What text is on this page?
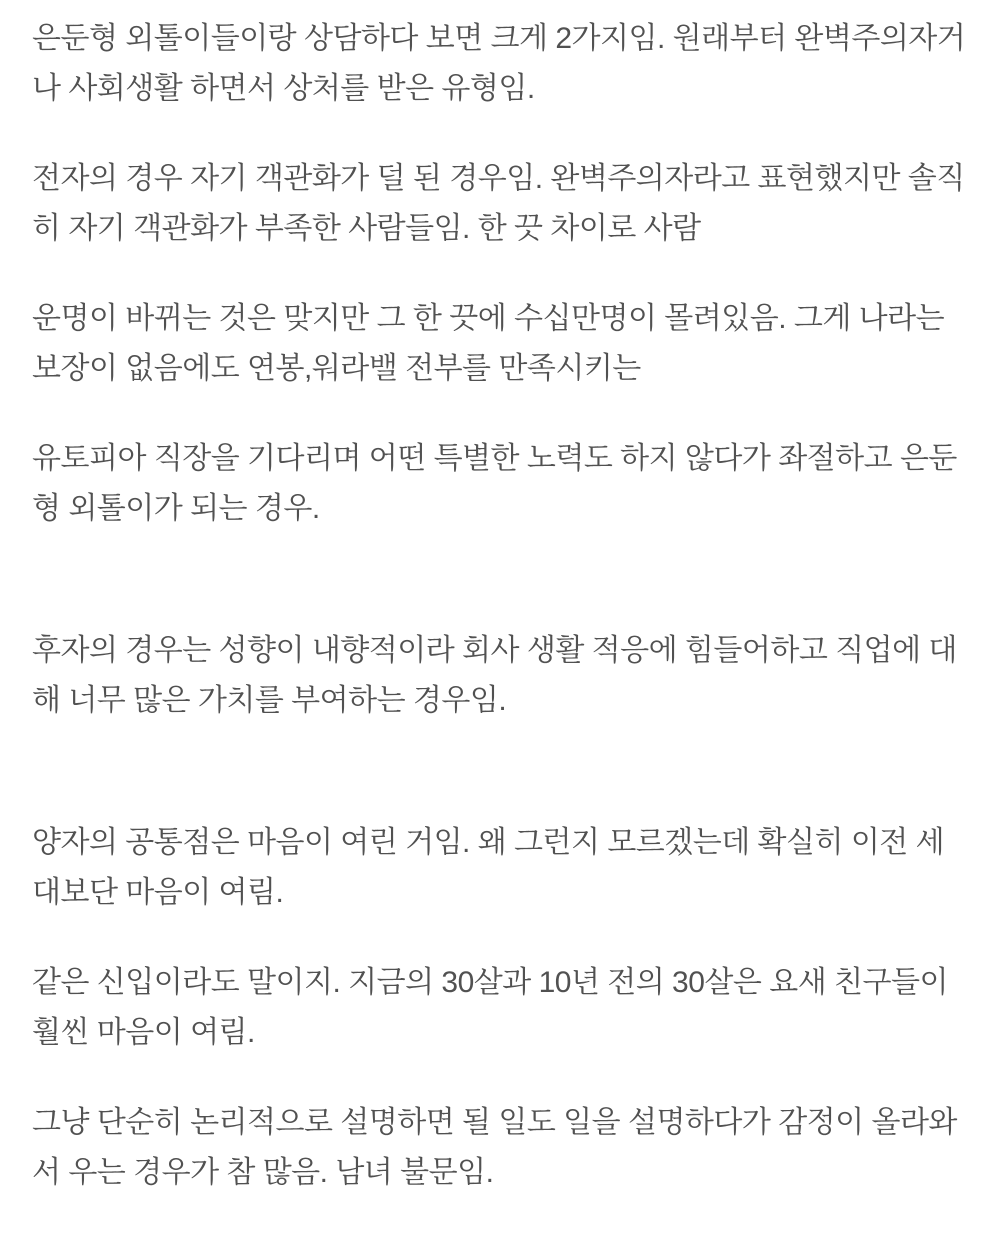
은둔형 외톨이들이랑 상담하다 보면 크게 2가지임. 원래부터 완벽주의자거
나 사회생활 하면서 상처를 받은 유형임.

전자의 경우 자기 객관화가 덜 된 경우임. 완벽주의자라고 표현했지만 솔직
히 자기 객관화가 부족한 사람들임. 한 끗 차이로 사람

운명이 바뀌는 것은 맞지만 그 한 끗에 수십만명이 몰려있음. 그게 나라는
보장이 없음에도 연봉,워라밸 전부를 만족시키는

유토피아 직장을 기다리며 어떤 특별한 노력도 하지 않다가 좌절하고 은둔
형 외톨이가 되는 경우.

후자의 경우는 성향이 내향적이라 회사 생활 적응에 힘들어하고 직업에 대
해 너무 많은 가치를 부여하는 경우임.

양자의 공통점은 마음이 여린 거임. 왜 그런지 모르겠는데 확실히 이전 세
대보단 마음이 여림.

같은 신입이라도 말이지. 지금의 30살과 10년 전의 30살은 요새 친구들이
훨씬 마음이 여림.

그냥 단순히 논리적으로 설명하면 될 일도 일을 설명하다가 감정이 올라와
서 우는 경우가 참 많음. 남녀 불문임.
